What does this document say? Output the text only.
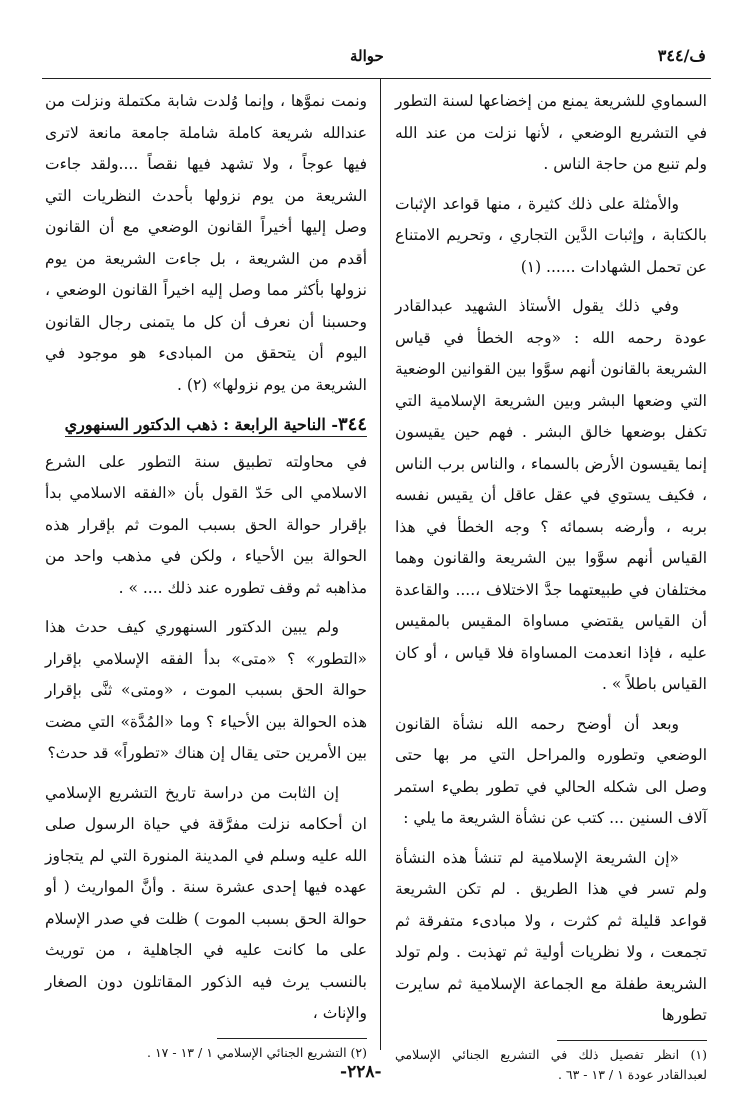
ف/٣٤٤
حوالة

السماوي للشريعة يمنع من إخضاعها لسنة التطور في التشريع الوضعي ، لأنها نزلت من عند الله ولم تنبع من حاجة الناس .

والأمثلة على ذلك كثيرة ، منها قواعد الإثبات بالكتابة ، وإثبات الدَّين التجاري ، وتحريم الامتناع عن تحمل الشهادات ...... (١)

وفي ذلك يقول الأستاذ الشهيد عبدالقادر عودة رحمه الله : «وجه الخطأ في قياس الشريعة بالقانون أنهم سوَّوا بين القوانين الوضعية التي وضعها البشر وبين الشريعة الإسلامية التي تكفل بوضعها خالق البشر . فهم حين يقيسون إنما يقيسون الأرض بالسماء ، والناس برب الناس ، فكيف يستوي في عقل عاقل أن يقيس نفسه بربه ، وأرضه بسمائه ؟ وجه الخطأ في هذا القياس أنهم سوَّوا بين الشريعة والقانون وهما مختلفان في طبيعتهما جدَّ الاختلاف ،.... والقاعدة أن القياس يقتضي مساواة المقيس بالمقيس عليه ، فإذا انعدمت المساواة فلا قياس ، أو كان القياس باطلاً » .

وبعد أن أوضح رحمه الله نشأة القانون الوضعي وتطوره والمراحل التي مر بها حتى وصل الى شكله الحالي في تطور بطيء استمر آلاف السنين ... كتب عن نشأة الشريعة ما يلي :

«إن الشريعة الإسلامية لم تنشأ هذه النشأة ولم تسر في هذا الطريق . لم تكن الشريعة قواعد قليلة ثم كثرت ، ولا مبادىء متفرقة ثم تجمعت ، ولا نظريات أولية ثم تهذبت . ولم تولد الشريعة طفلة مع الجماعة الإسلامية ثم سايرت تطورها

(١) انظر تفصيل ذلك في التشريع الجنائي الإسلامي لعبدالقادر عودة ١ / ١٣ - ٦٣ .

ونمت نموَّها ، وإنما وُلدت شابة مكتملة ونزلت من عندالله شريعة كاملة شاملة جامعة مانعة لاترى فيها عوجاً ، ولا تشهد فيها نقصاً ....ولقد جاءت الشريعة من يوم نزولها بأحدث النظريات التي وصل إليها أخيراً القانون الوضعي مع أن القانون أقدم من الشريعة ، بل جاءت الشريعة من يوم نزولها بأكثر مما وصل إليه اخيراً القانون الوضعي ، وحسبنا أن نعرف أن كل ما يتمنى رجال القانون اليوم أن يتحقق من المبادىء هو موجود في الشريعة من يوم نزولها» (٢) .

٣٤٤- الناحية الرابعة : ذهب الدكتور السنهوري

في محاولته تطبيق سنة التطور على الشرع الاسلامي الى حَدّ القول بأن «الفقه الاسلامي بدأ بإقرار حوالة الحق بسبب الموت ثم بإقرار هذه الحوالة بين الأحياء ، ولكن في مذهب واحد من مذاهبه ثم وقف تطوره عند ذلك .... » .

ولم يبين الدكتور السنهوري كيف حدث هذا «التطور» ؟ «متى» بدأ الفقه الإسلامي بإقرار حوالة الحق بسبب الموت ، «ومتى» ثنَّى بإقرار هذه الحوالة بين الأحياء ؟ وما «المُدَّة» التي مضت بين الأمرين حتى يقال إن هناك «تطوراً» قد حدث؟

إن الثابت من دراسة تاريخ التشريع الإسلامي ان أحكامه نزلت مفرَّقة في حياة الرسول صلى الله عليه وسلم في المدينة المنورة التي لم يتجاوز عهده فيها إحدى عشرة سنة . وأنَّ المواريث ( أو حوالة الحق بسبب الموت ) ظلت في صدر الإسلام على ما كانت عليه في الجاهلية ، من توريث بالنسب يرث فيه الذكور المقاتلون دون الصغار والإناث ،

(٢) التشريع الجنائي الإسلامي ١ / ١٣ - ١٧ .

-٢٢٨-
